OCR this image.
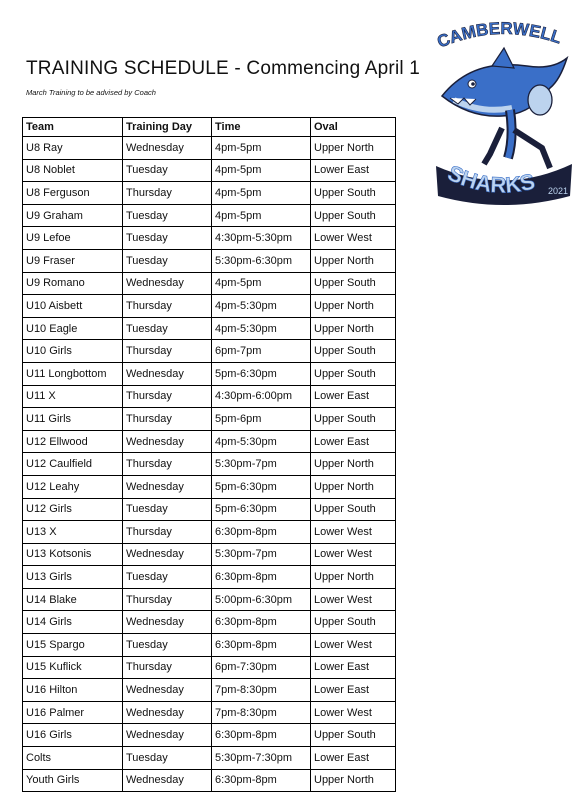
TRAINING SCHEDULE - Commencing April 1
March Training to be advised by Coach
CAMBERWELL
SHARKS 2021
Team	Training Day	Time	Oval
U8 Ray	Wednesday	4pm-5pm	Upper North
U8 Noblet	Tuesday	4pm-5pm	Lower East
U8 Ferguson	Thursday	4pm-5pm	Upper South
U9 Graham	Tuesday	4pm-5pm	Upper South
U9 Lefoe	Tuesday	4:30pm-5:30pm	Lower West
U9 Fraser	Tuesday	5:30pm-6:30pm	Upper North
U9 Romano	Wednesday	4pm-5pm	Upper South
U10 Aisbett	Thursday	4pm-5:30pm	Upper North
U10 Eagle	Tuesday	4pm-5:30pm	Upper North
U10 Girls	Thursday	6pm-7pm	Upper South
U11 Longbottom	Wednesday	5pm-6:30pm	Upper South
U11 X	Thursday	4:30pm-6:00pm	Lower East
U11 Girls	Thursday	5pm-6pm	Upper South
U12 Ellwood	Wednesday	4pm-5:30pm	Lower East
U12 Caulfield	Thursday	5:30pm-7pm	Upper North
U12 Leahy	Wednesday	5pm-6:30pm	Upper North
U12 Girls	Tuesday	5pm-6:30pm	Upper South
U13 X	Thursday	6:30pm-8pm	Lower West
U13 Kotsonis	Wednesday	5:30pm-7pm	Lower West
U13 Girls	Tuesday	6:30pm-8pm	Upper North
U14 Blake	Thursday	5:00pm-6:30pm	Lower West
U14 Girls	Wednesday	6:30pm-8pm	Upper South
U15 Spargo	Tuesday	6:30pm-8pm	Lower West
U15 Kuflick	Thursday	6pm-7:30pm	Lower East
U16 Hilton	Wednesday	7pm-8:30pm	Lower East
U16 Palmer	Wednesday	7pm-8:30pm	Lower West
U16 Girls	Wednesday	6:30pm-8pm	Upper South
Colts	Tuesday	5:30pm-7:30pm	Lower East
Youth Girls	Wednesday	6:30pm-8pm	Upper North
